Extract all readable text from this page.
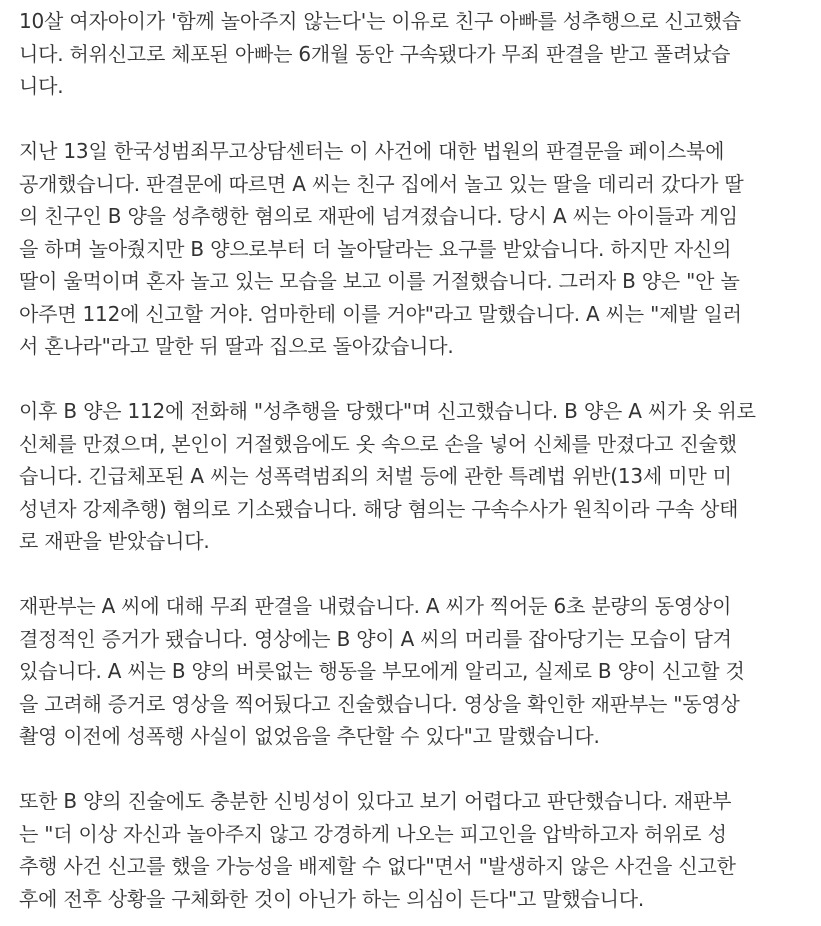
10살 여자아이가 '함께 놀아주지 않는다'는 이유로 친구 아빠를 성추행으로 신고했습
니다. 허위신고로 체포된 아빠는 6개월 동안 구속됐다가 무죄 판결을 받고 풀려났습
니다.

지난 13일 한국성범죄무고상담센터는 이 사건에 대한 법원의 판결문을 페이스북에
공개했습니다. 판결문에 따르면 A 씨는 친구 집에서 놀고 있는 딸을 데리러 갔다가 딸
의 친구인 B 양을 성추행한 혐의로 재판에 넘겨졌습니다. 당시 A 씨는 아이들과 게임
을 하며 놀아줬지만 B 양으로부터 더 놀아달라는 요구를 받았습니다. 하지만 자신의
딸이 울먹이며 혼자 놀고 있는 모습을 보고 이를 거절했습니다. 그러자 B 양은 "안 놀
아주면 112에 신고할 거야. 엄마한테 이를 거야"라고 말했습니다. A 씨는 "제발 일러
서 혼나라"라고 말한 뒤 딸과 집으로 돌아갔습니다.

이후 B 양은 112에 전화해 "성추행을 당했다"며 신고했습니다. B 양은 A 씨가 옷 위로
신체를 만졌으며, 본인이 거절했음에도 옷 속으로 손을 넣어 신체를 만졌다고 진술했
습니다. 긴급체포된 A 씨는 성폭력범죄의 처벌 등에 관한 특례법 위반(13세 미만 미
성년자 강제추행) 혐의로 기소됐습니다. 해당 혐의는 구속수사가 원칙이라 구속 상태
로 재판을 받았습니다.

재판부는 A 씨에 대해 무죄 판결을 내렸습니다. A 씨가 찍어둔 6초 분량의 동영상이
결정적인 증거가 됐습니다. 영상에는 B 양이 A 씨의 머리를 잡아당기는 모습이 담겨
있습니다. A 씨는 B 양의 버릇없는 행동을 부모에게 알리고, 실제로 B 양이 신고할 것
을 고려해 증거로 영상을 찍어뒀다고 진술했습니다. 영상을 확인한 재판부는 "동영상
촬영 이전에 성폭행 사실이 없었음을 추단할 수 있다"고 말했습니다.

또한 B 양의 진술에도 충분한 신빙성이 있다고 보기 어렵다고 판단했습니다. 재판부
는 "더 이상 자신과 놀아주지 않고 강경하게 나오는 피고인을 압박하고자 허위로 성
추행 사건 신고를 했을 가능성을 배제할 수 없다"면서 "발생하지 않은 사건을 신고한
후에 전후 상황을 구체화한 것이 아닌가 하는 의심이 든다"고 말했습니다.
